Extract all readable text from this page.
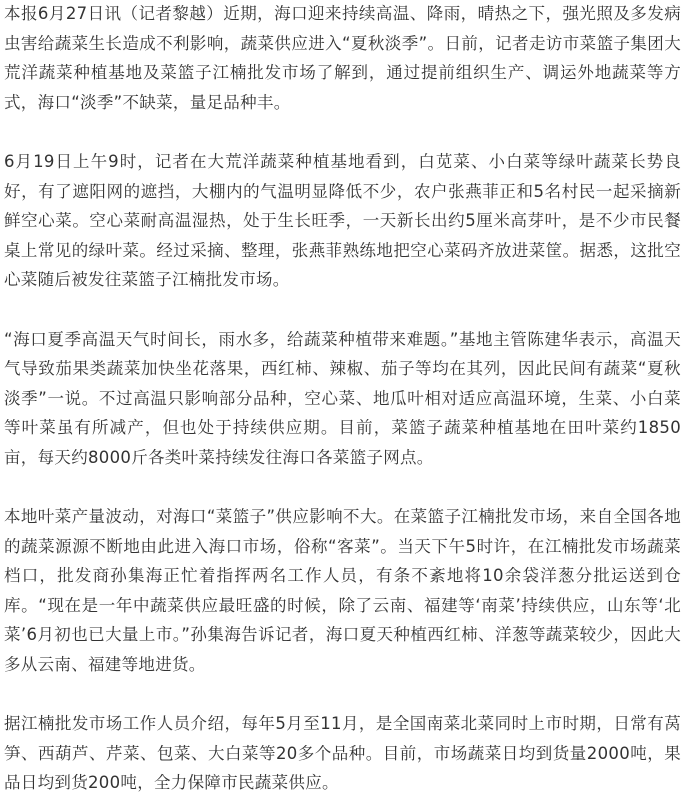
本报6月27日讯（记者黎越）近期，海口迎来持续高温、降雨，晴热之下，强光照及多发病虫害给蔬菜生长造成不利影响，蔬菜供应进入“夏秋淡季”。日前，记者走访市菜篮子集团大荒洋蔬菜种植基地及菜篮子江楠批发市场了解到，通过提前组织生产、调运外地蔬菜等方式，海口“淡季”不缺菜，量足品种丰。

6月19日上午9时，记者在大荒洋蔬菜种植基地看到，白苋菜、小白菜等绿叶蔬菜长势良好，有了遮阳网的遮挡，大棚内的气温明显降低不少，农户张燕菲正和5名村民一起采摘新鲜空心菜。空心菜耐高温湿热，处于生长旺季，一天新长出约5厘米高芽叶，是不少市民餐桌上常见的绿叶菜。经过采摘、整理，张燕菲熟练地把空心菜码齐放进菜筐。据悉，这批空心菜随后被发往菜篮子江楠批发市场。

“海口夏季高温天气时间长，雨水多，给蔬菜种植带来难题。”基地主管陈建华表示，高温天气导致茄果类蔬菜加快坐花落果，西红柿、辣椒、茄子等均在其列，因此民间有蔬菜“夏秋淡季”一说。不过高温只影响部分品种，空心菜、地瓜叶相对适应高温环境，生菜、小白菜等叶菜虽有所减产，但也处于持续供应期。目前，菜篮子蔬菜种植基地在田叶菜约1850亩，每天约8000斤各类叶菜持续发往海口各菜篮子网点。

本地叶菜产量波动，对海口“菜篮子”供应影响不大。在菜篮子江楠批发市场，来自全国各地的蔬菜源源不断地由此进入海口市场，俗称“客菜”。当天下午5时许，在江楠批发市场蔬菜档口，批发商孙集海正忙着指挥两名工作人员，有条不紊地将10余袋洋葱分批运送到仓库。“现在是一年中蔬菜供应最旺盛的时候，除了云南、福建等‘南菜’持续供应，山东等‘北菜’6月初也已大量上市。”孙集海告诉记者，海口夏天种植西红柿、洋葱等蔬菜较少，因此大多从云南、福建等地进货。

据江楠批发市场工作人员介绍，每年5月至11月，是全国南菜北菜同时上市时期，日常有莴笋、西葫芦、芹菜、包菜、大白菜等20多个品种。目前，市场蔬菜日均到货量2000吨，果品日均到货200吨，全力保障市民蔬菜供应。
